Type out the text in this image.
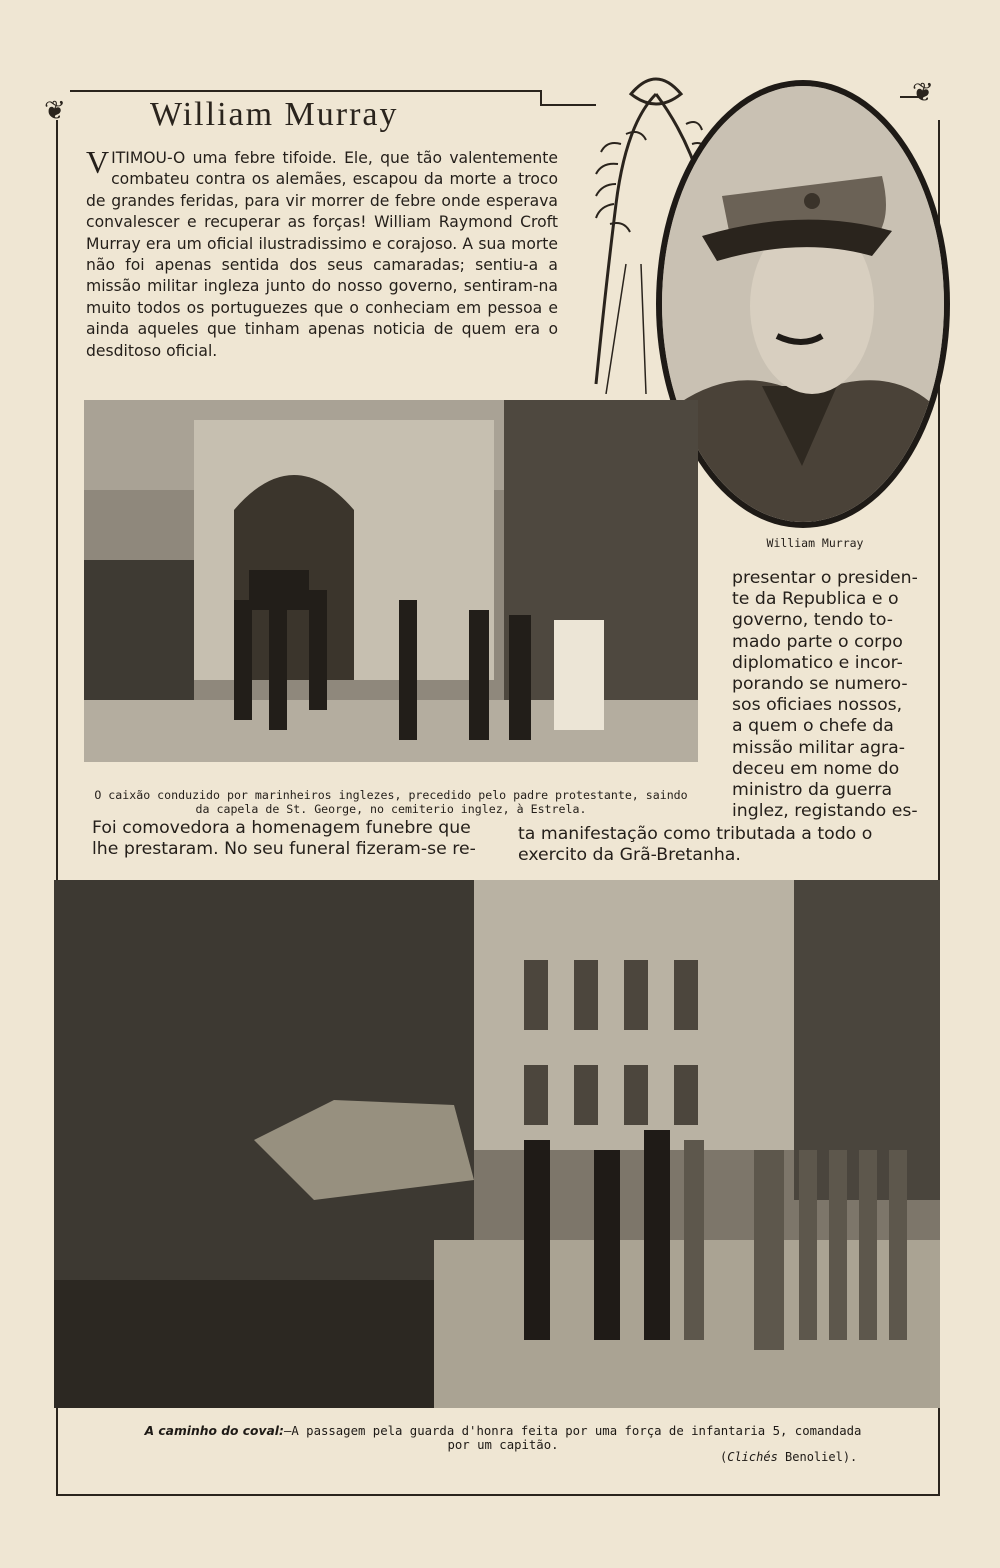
❦
❦
William Murray
VITIMOU-O uma febre tifoide. Ele, que tão valentemente combateu contra os alemães, escapou da morte a troco de grandes feridas, para vir morrer de febre onde esperava convalescer e recuperar as forças! William Raymond Croft Murray era um oficial ilustradissimo e corajoso. A sua morte não foi apenas sentida dos seus camaradas; sentiu-a a missão militar ingleza junto do nosso governo, sentiram-na muito todos os portuguezes que o conheciam em pessoa e ainda aqueles que tinham apenas noticia de quem era o desditoso oficial.
William Murray
O caixão conduzido por marinheiros inglezes, precedido pelo padre protestante, saindo
da capela de St. George, no cemiterio inglez, à Estrela.
presentar o presiden-
te da Republica e o
governo, tendo to-
mado parte o corpo
diplomatico e incor-
porando se numero-
sos oficiaes nossos,
a quem o chefe da
missão militar agra-
deceu em nome do
ministro da guerra
inglez, registando es-
Foi comovedora a homenagem funebre que
lhe prestaram. No seu funeral fizeram-se re-
ta manifestação como tributada a todo o
exercito da Grã-Bretanha.
A caminho do coval:—A passagem pela guarda d'honra feita por uma força de infantaria 5, comandada
por um capitão.
(Clichés Benoliel).
